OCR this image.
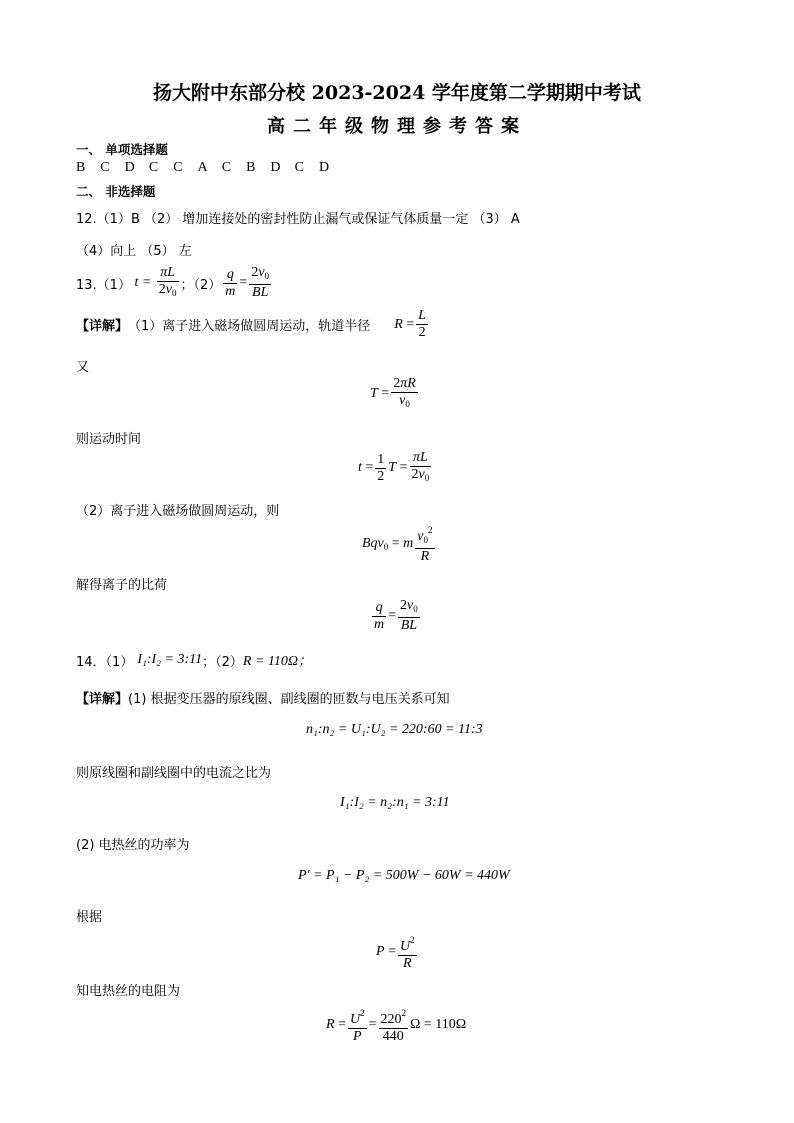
扬大附中东部分校 2023-2024 学年度第二学期期中考试
高二年级物理参考答案
一、 单项选择题
B C D C C A C B D C D
二、 非选择题
12.（1）B （2） 增加连接处的密封性防止漏气或保证气体质量一定 （3） A
（4）向上 （5） 左
13.（1） $t = \frac{\pi L}{2v_0}$ ；$(2) \frac{q}{m} = \frac{2v_0}{BL}$
【详解】 （1）离子进入磁场做圆周运动，轨道半径 $R = \frac{L}{2}$
又
$T = \frac{2\pi R}{v_0}$
则运动时间
$t = \frac{1}{2}$ $T = \frac{\pi L}{2v_0}$
（2）离子进入磁场做圆周运动，则
Bqv$_0$ = m $\frac{v_0^2}{R}$
解得离子的比荷
$\frac{q}{m} = \frac{2v_0}{BL}$
14．（1） I₁:I₂ = 3:11 ；（2） R = 110Ω；
【详解】(1) 根据变压器的原线圈、副线圈的匝数与电压关系可知
n₁:n₂ = U₁:U₂ = 220:60 = 11:3
则原线圈和副线圈中的电流之比为
I₁:I₂ = n₂:n₁ = 3:11
(2) 电热丝的功率为
P′ = P₁ − P₂ = 500W − 60W = 440W
根据
$P = \frac{U^2}{R}$
知电热丝的电阻为
$R = \frac{U^2}{P} = \frac{220^2}{440}$ Ω = 110Ω
